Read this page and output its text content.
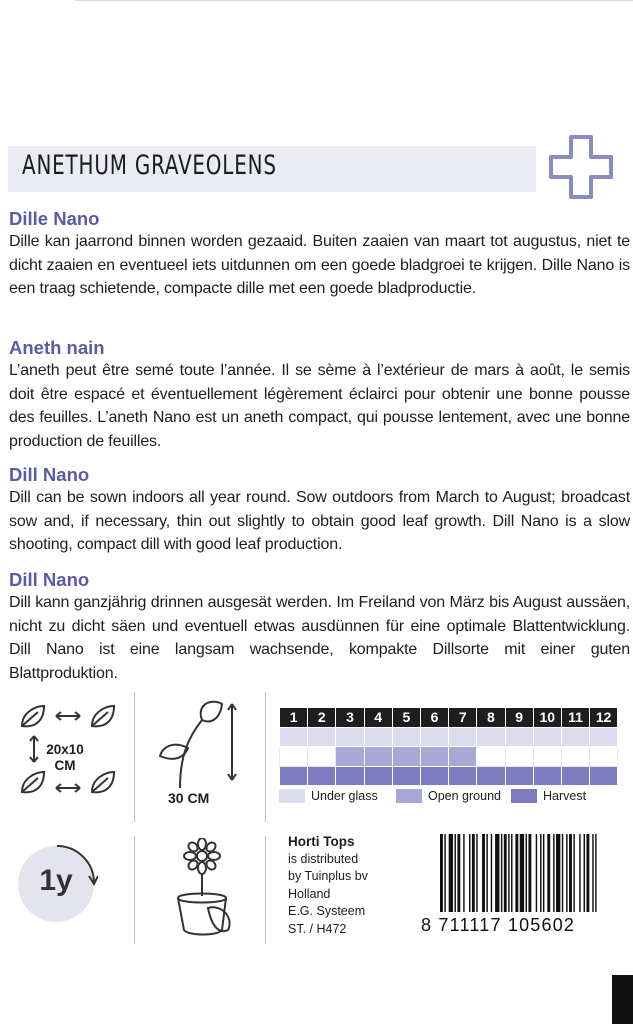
ANETHUM GRAVEOLENS
Dille Nano

Dille kan jaarrond binnen worden gezaaid. Buiten zaaien van maart tot augustus, niet te dicht zaaien en eventueel iets uitdunnen om een goede bladgroei te krijgen. Dille Nano is een traag schietende, compacte dille met een goede bladproductie.

Aneth nain

L’aneth peut être semé toute l’année. Il se sème à l’extérieur de mars à août, le semis doit être espacé et éventuellement légèrement éclairci pour obtenir une bonne pousse des feuilles. L’aneth Nano est un aneth compact, qui pousse lentement, avec une bonne production de feuilles.

Dill Nano

Dill can be sown indoors all year round. Sow outdoors from March to August; broadcast sow and, if necessary, thin out slightly to obtain good leaf growth. Dill Nano is a slow shooting, compact dill with good leaf production.

Dill Nano

Dill kann ganzjährig drinnen ausgesät werden. Im Freiland von März bis August aussäen, nicht zu dicht säen und eventuell etwas ausdünnen für eine optimale Blattentwicklung. Dill Nano ist eine langsam wachsende, kompakte Dillsorte mit einer guten Blattproduktion.

20x10
CM
30 CM
1	2	3	4	5	6	7	8	9	10	11	12

Under glass	Open ground	Harvest
1y
Horti Tops
is distributed
by Tuinplus bv
Holland
E.G. Systeem
ST. / H472	8 711117 105602
